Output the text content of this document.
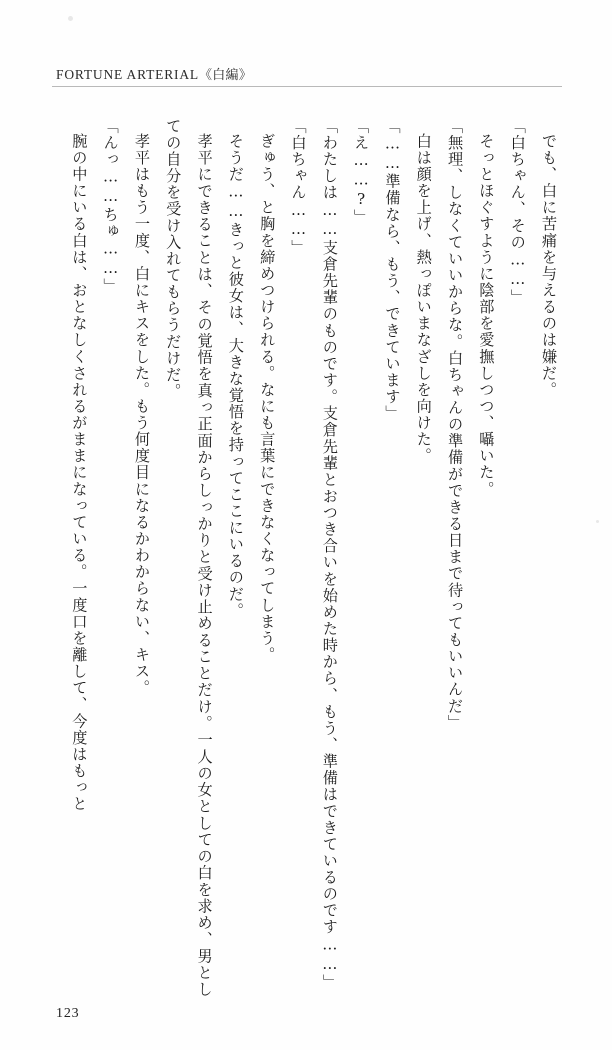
FORTUNE ARTERIAL《白編》

でも、白に苦痛を与えるのは嫌だ。

「白ちゃん、その……」

そっとほぐすように陰部を愛撫しつつ、囁いた。

「無理、しなくていいからな。白ちゃんの準備ができる日まで待ってもいいんだ」

白は顔を上げ、熱っぽいまなざしを向けた。

「……準備なら、もう、できています」

「え……?」

「わたしは……支倉先輩のものです。支倉先輩とおつき合いを始めた時から、もう、準備はできているのです……」

「白ちゃん……」

ぎゅう、と胸を締めつけられる。なにも言葉にできなくなってしまう。

そうだ……きっと彼女は、大きな覚悟を持ってここにいるのだ。

孝平にできることは、その覚悟を真っ正面からしっかりと受け止めることだけ。一人の女としての白を求め、男としての自分を受け入れてもらうだけだ。

孝平はもう一度、白にキスをした。もう何度目になるかわからない、キス。

「んっ……ちゅ……」

腕の中にいる白は、おとなしくされるがままになっている。一度口を離して、今度はもっと

123
